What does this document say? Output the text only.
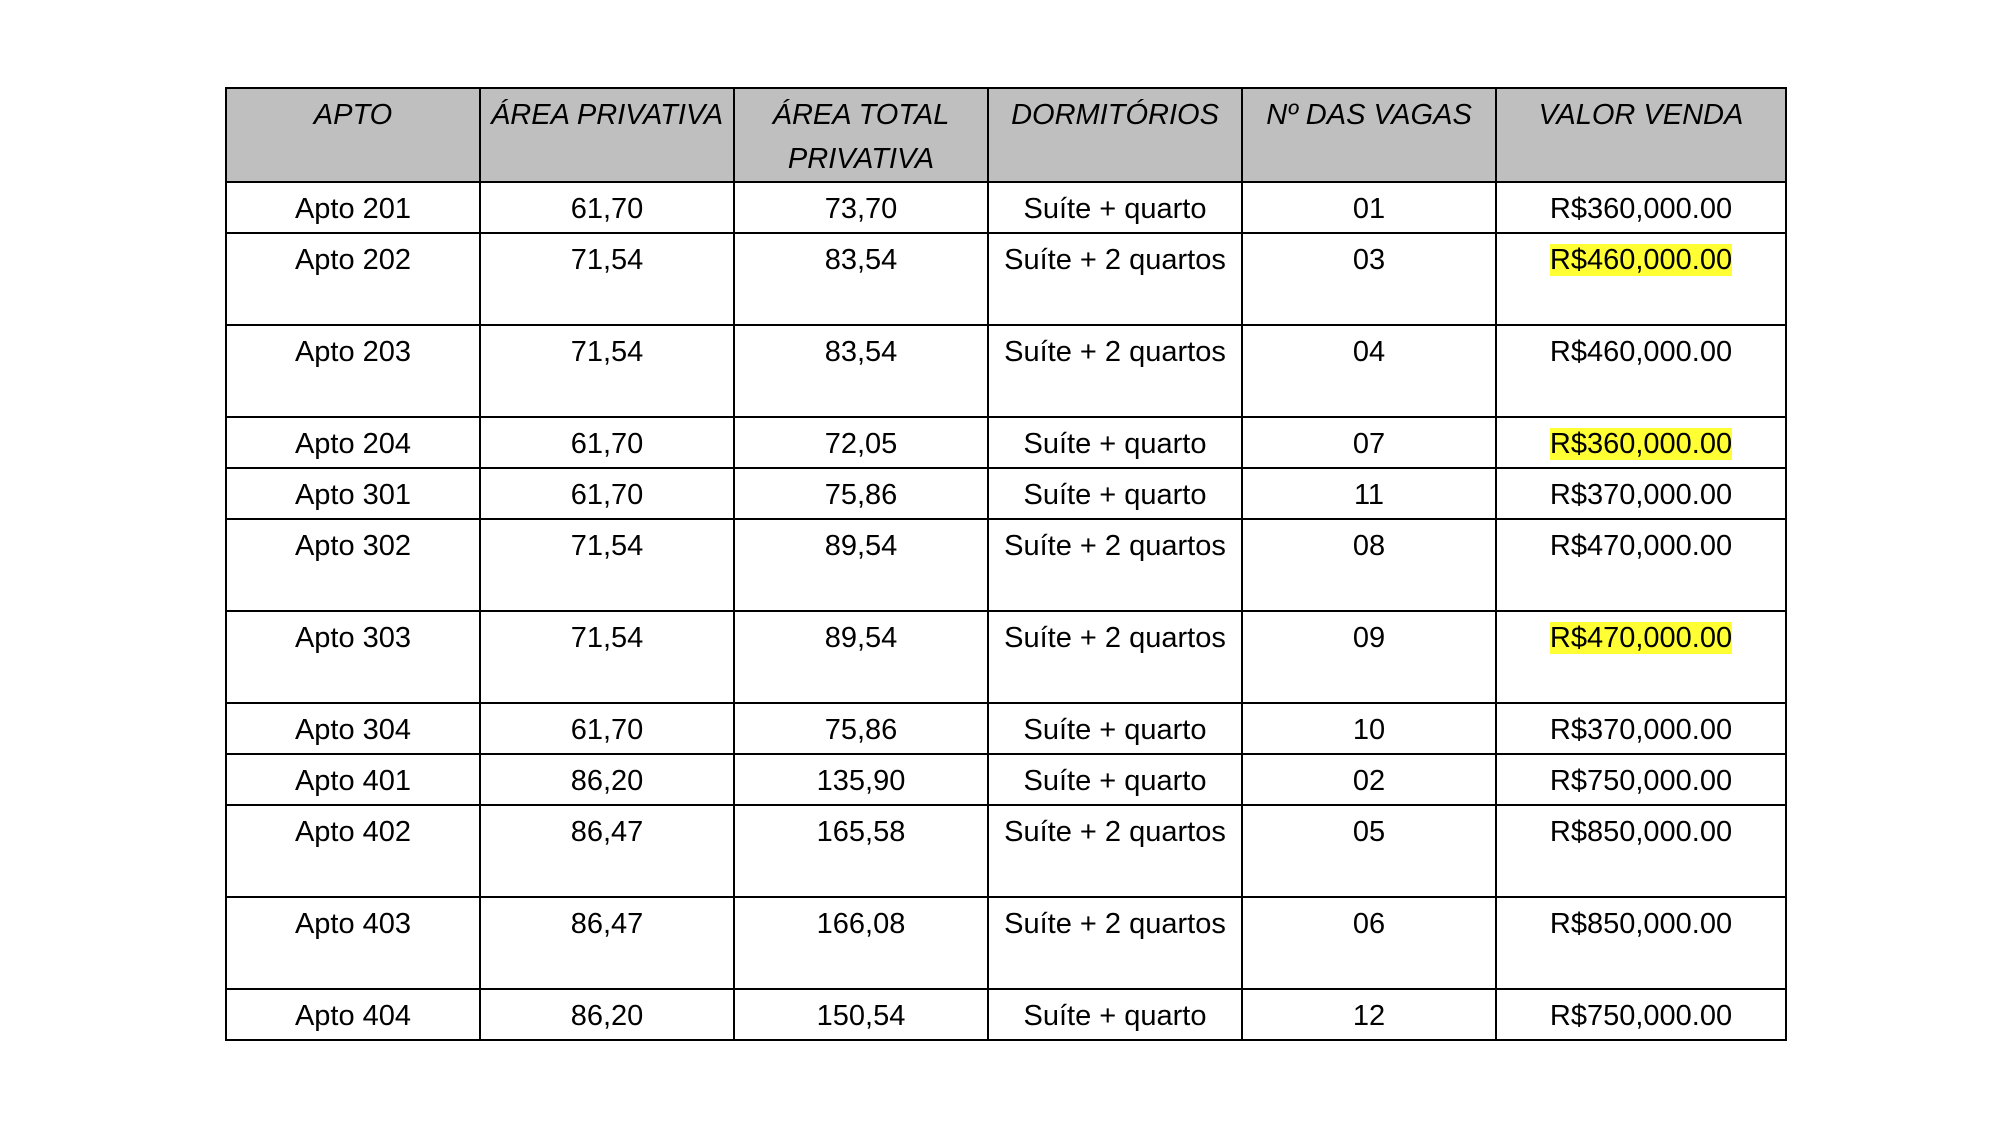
APTO	ÁREA PRIVATIVA	ÁREA TOTAL PRIVATIVA	DORMITÓRIOS	Nº DAS VAGAS	VALOR VENDA
Apto 201	61,70	73,70	Suíte + quarto	01	R$360,000.00
Apto 202	71,54	83,54	Suíte + 2 quartos	03	R$460,000.00
Apto 203	71,54	83,54	Suíte + 2 quartos	04	R$460,000.00
Apto 204	61,70	72,05	Suíte + quarto	07	R$360,000.00
Apto 301	61,70	75,86	Suíte + quarto	11	R$370,000.00
Apto 302	71,54	89,54	Suíte + 2 quartos	08	R$470,000.00
Apto 303	71,54	89,54	Suíte + 2 quartos	09	R$470,000.00
Apto 304	61,70	75,86	Suíte + quarto	10	R$370,000.00
Apto 401	86,20	135,90	Suíte + quarto	02	R$750,000.00
Apto 402	86,47	165,58	Suíte + 2 quartos	05	R$850,000.00
Apto 403	86,47	166,08	Suíte + 2 quartos	06	R$850,000.00
Apto 404	86,20	150,54	Suíte + quarto	12	R$750,000.00
